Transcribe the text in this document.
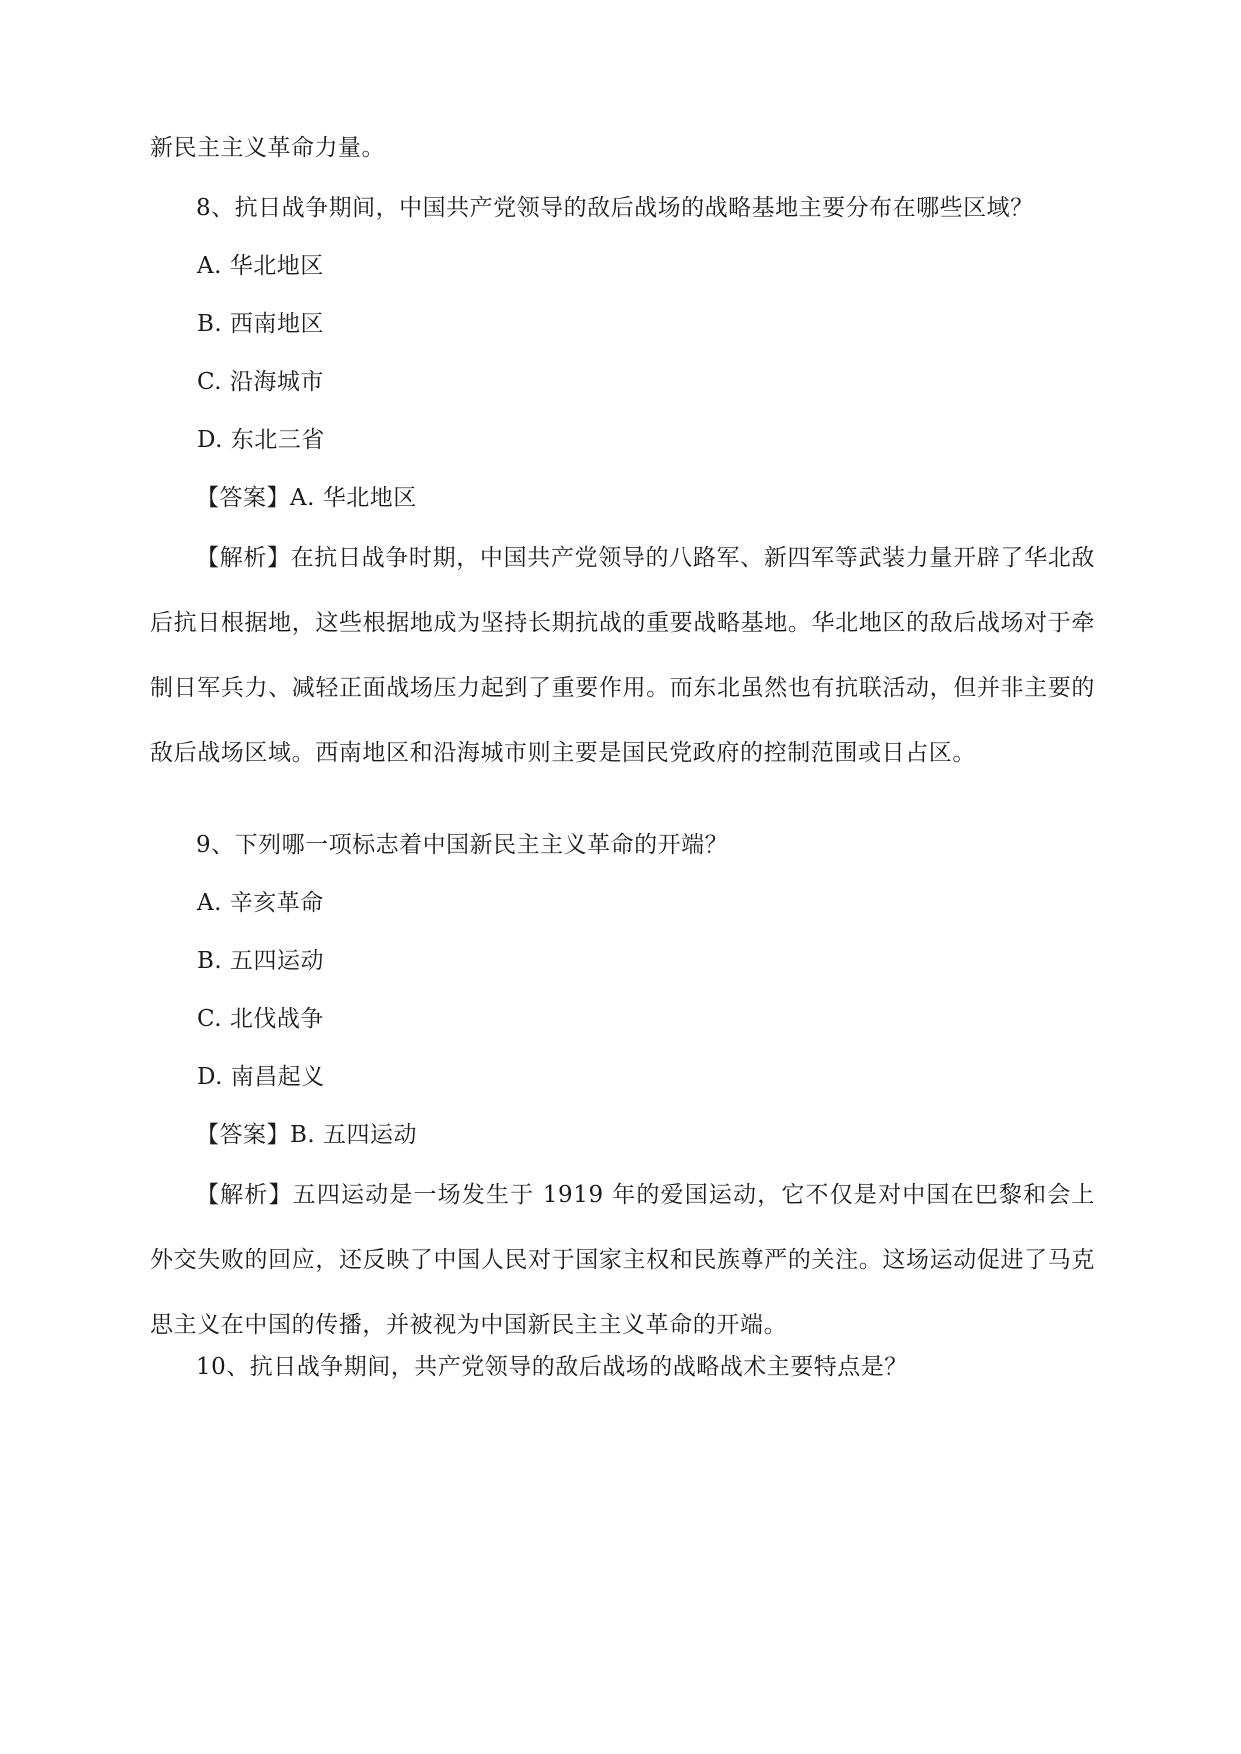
新民主主义革命力量。
8、抗日战争期间，中国共产党领导的敌后战场的战略基地主要分布在哪些区域？
A. 华北地区
B. 西南地区
C. 沿海城市
D. 东北三省
【答案】A. 华北地区
【解析】在抗日战争时期，中国共产党领导的八路军、新四军等武装力量开辟了华北敌后抗日根据地，这些根据地成为坚持长期抗战的重要战略基地。华北地区的敌后战场对于牵制日军兵力、减轻正面战场压力起到了重要作用。而东北虽然也有抗联活动，但并非主要的敌后战场区域。西南地区和沿海城市则主要是国民党政府的控制范围或日占区。
9、下列哪一项标志着中国新民主主义革命的开端？
A. 辛亥革命
B. 五四运动
C. 北伐战争
D. 南昌起义
【答案】B. 五四运动
【解析】五四运动是一场发生于 1919 年的爱国运动，它不仅是对中国在巴黎和会上外交失败的回应，还反映了中国人民对于国家主权和民族尊严的关注。这场运动促进了马克思主义在中国的传播，并被视为中国新民主主义革命的开端。
10、抗日战争期间，共产党领导的敌后战场的战略战术主要特点是？
